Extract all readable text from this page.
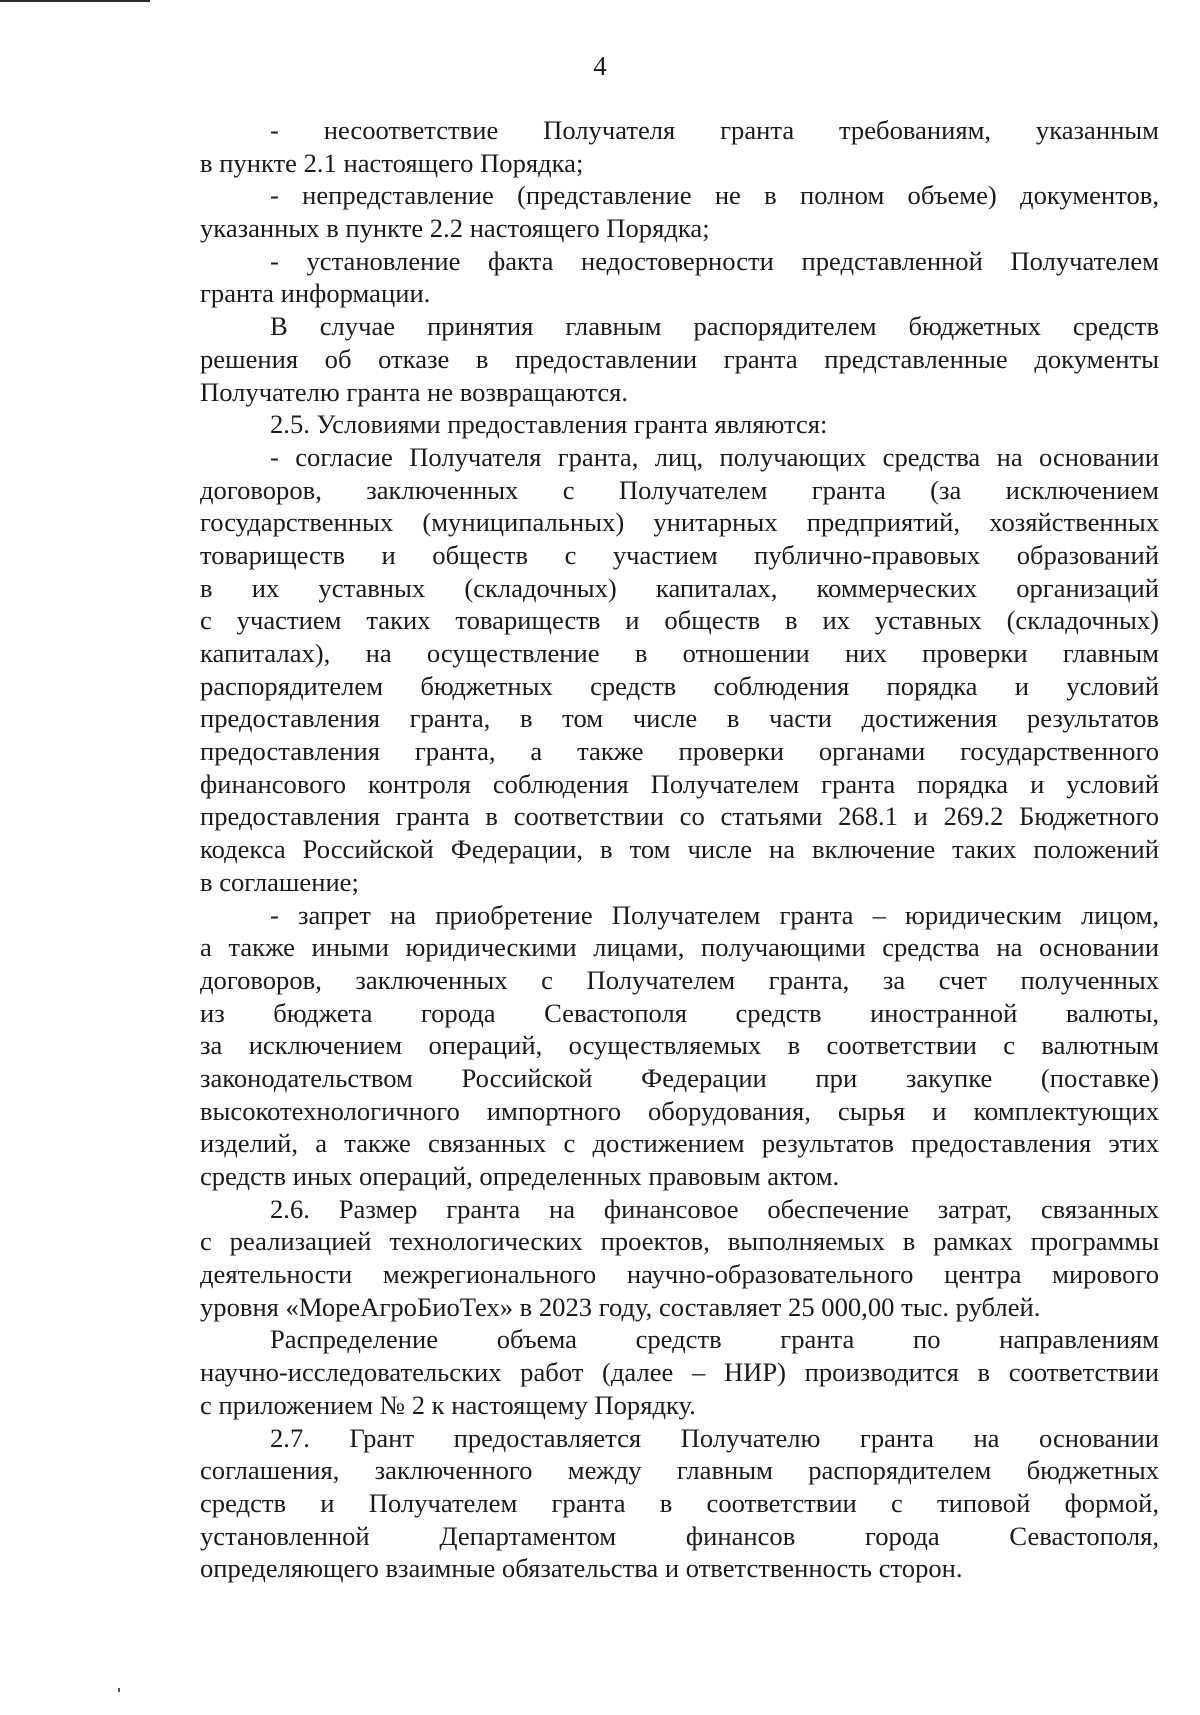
4
- несоответствие Получателя гранта требованиям, указанным
в пункте 2.1 настоящего Порядка;
- непредставление (представление не в полном объеме) документов,
указанных в пункте 2.2 настоящего Порядка;
- установление факта недостоверности представленной Получателем
гранта информации.
В случае принятия главным распорядителем бюджетных средств
решения об отказе в предоставлении гранта представленные документы
Получателю гранта не возвращаются.
2.5. Условиями предоставления гранта являются:
- согласие Получателя гранта, лиц, получающих средства на основании
договоров, заключенных с Получателем гранта (за исключением
государственных (муниципальных) унитарных предприятий, хозяйственных
товариществ и обществ с участием публично-правовых образований
в их уставных (складочных) капиталах, коммерческих организаций
с участием таких товариществ и обществ в их уставных (складочных)
капиталах), на осуществление в отношении них проверки главным
распорядителем бюджетных средств соблюдения порядка и условий
предоставления гранта, в том числе в части достижения результатов
предоставления гранта, а также проверки органами государственного
финансового контроля соблюдения Получателем гранта порядка и условий
предоставления гранта в соответствии со статьями 268.1 и 269.2 Бюджетного
кодекса Российской Федерации, в том числе на включение таких положений
в соглашение;
- запрет на приобретение Получателем гранта – юридическим лицом,
а также иными юридическими лицами, получающими средства на основании
договоров, заключенных с Получателем гранта, за счет полученных
из бюджета города Севастополя средств иностранной валюты,
за исключением операций, осуществляемых в соответствии с валютным
законодательством Российской Федерации при закупке (поставке)
высокотехнологичного импортного оборудования, сырья и комплектующих
изделий, а также связанных с достижением результатов предоставления этих
средств иных операций, определенных правовым актом.
2.6. Размер гранта на финансовое обеспечение затрат, связанных
с реализацией технологических проектов, выполняемых в рамках программы
деятельности межрегионального научно-образовательного центра мирового
уровня «МореАгроБиоТех» в 2023 году, составляет 25 000,00 тыс. рублей.
Распределение объема средств гранта по направлениям
научно-исследовательских работ (далее – НИР) производится в соответствии
с приложением № 2 к настоящему Порядку.
2.7. Грант предоставляется Получателю гранта на основании
соглашения, заключенного между главным распорядителем бюджетных
средств и Получателем гранта в соответствии с типовой формой,
установленной Департаментом финансов города Севастополя,
определяющего взаимные обязательства и ответственность сторон.
